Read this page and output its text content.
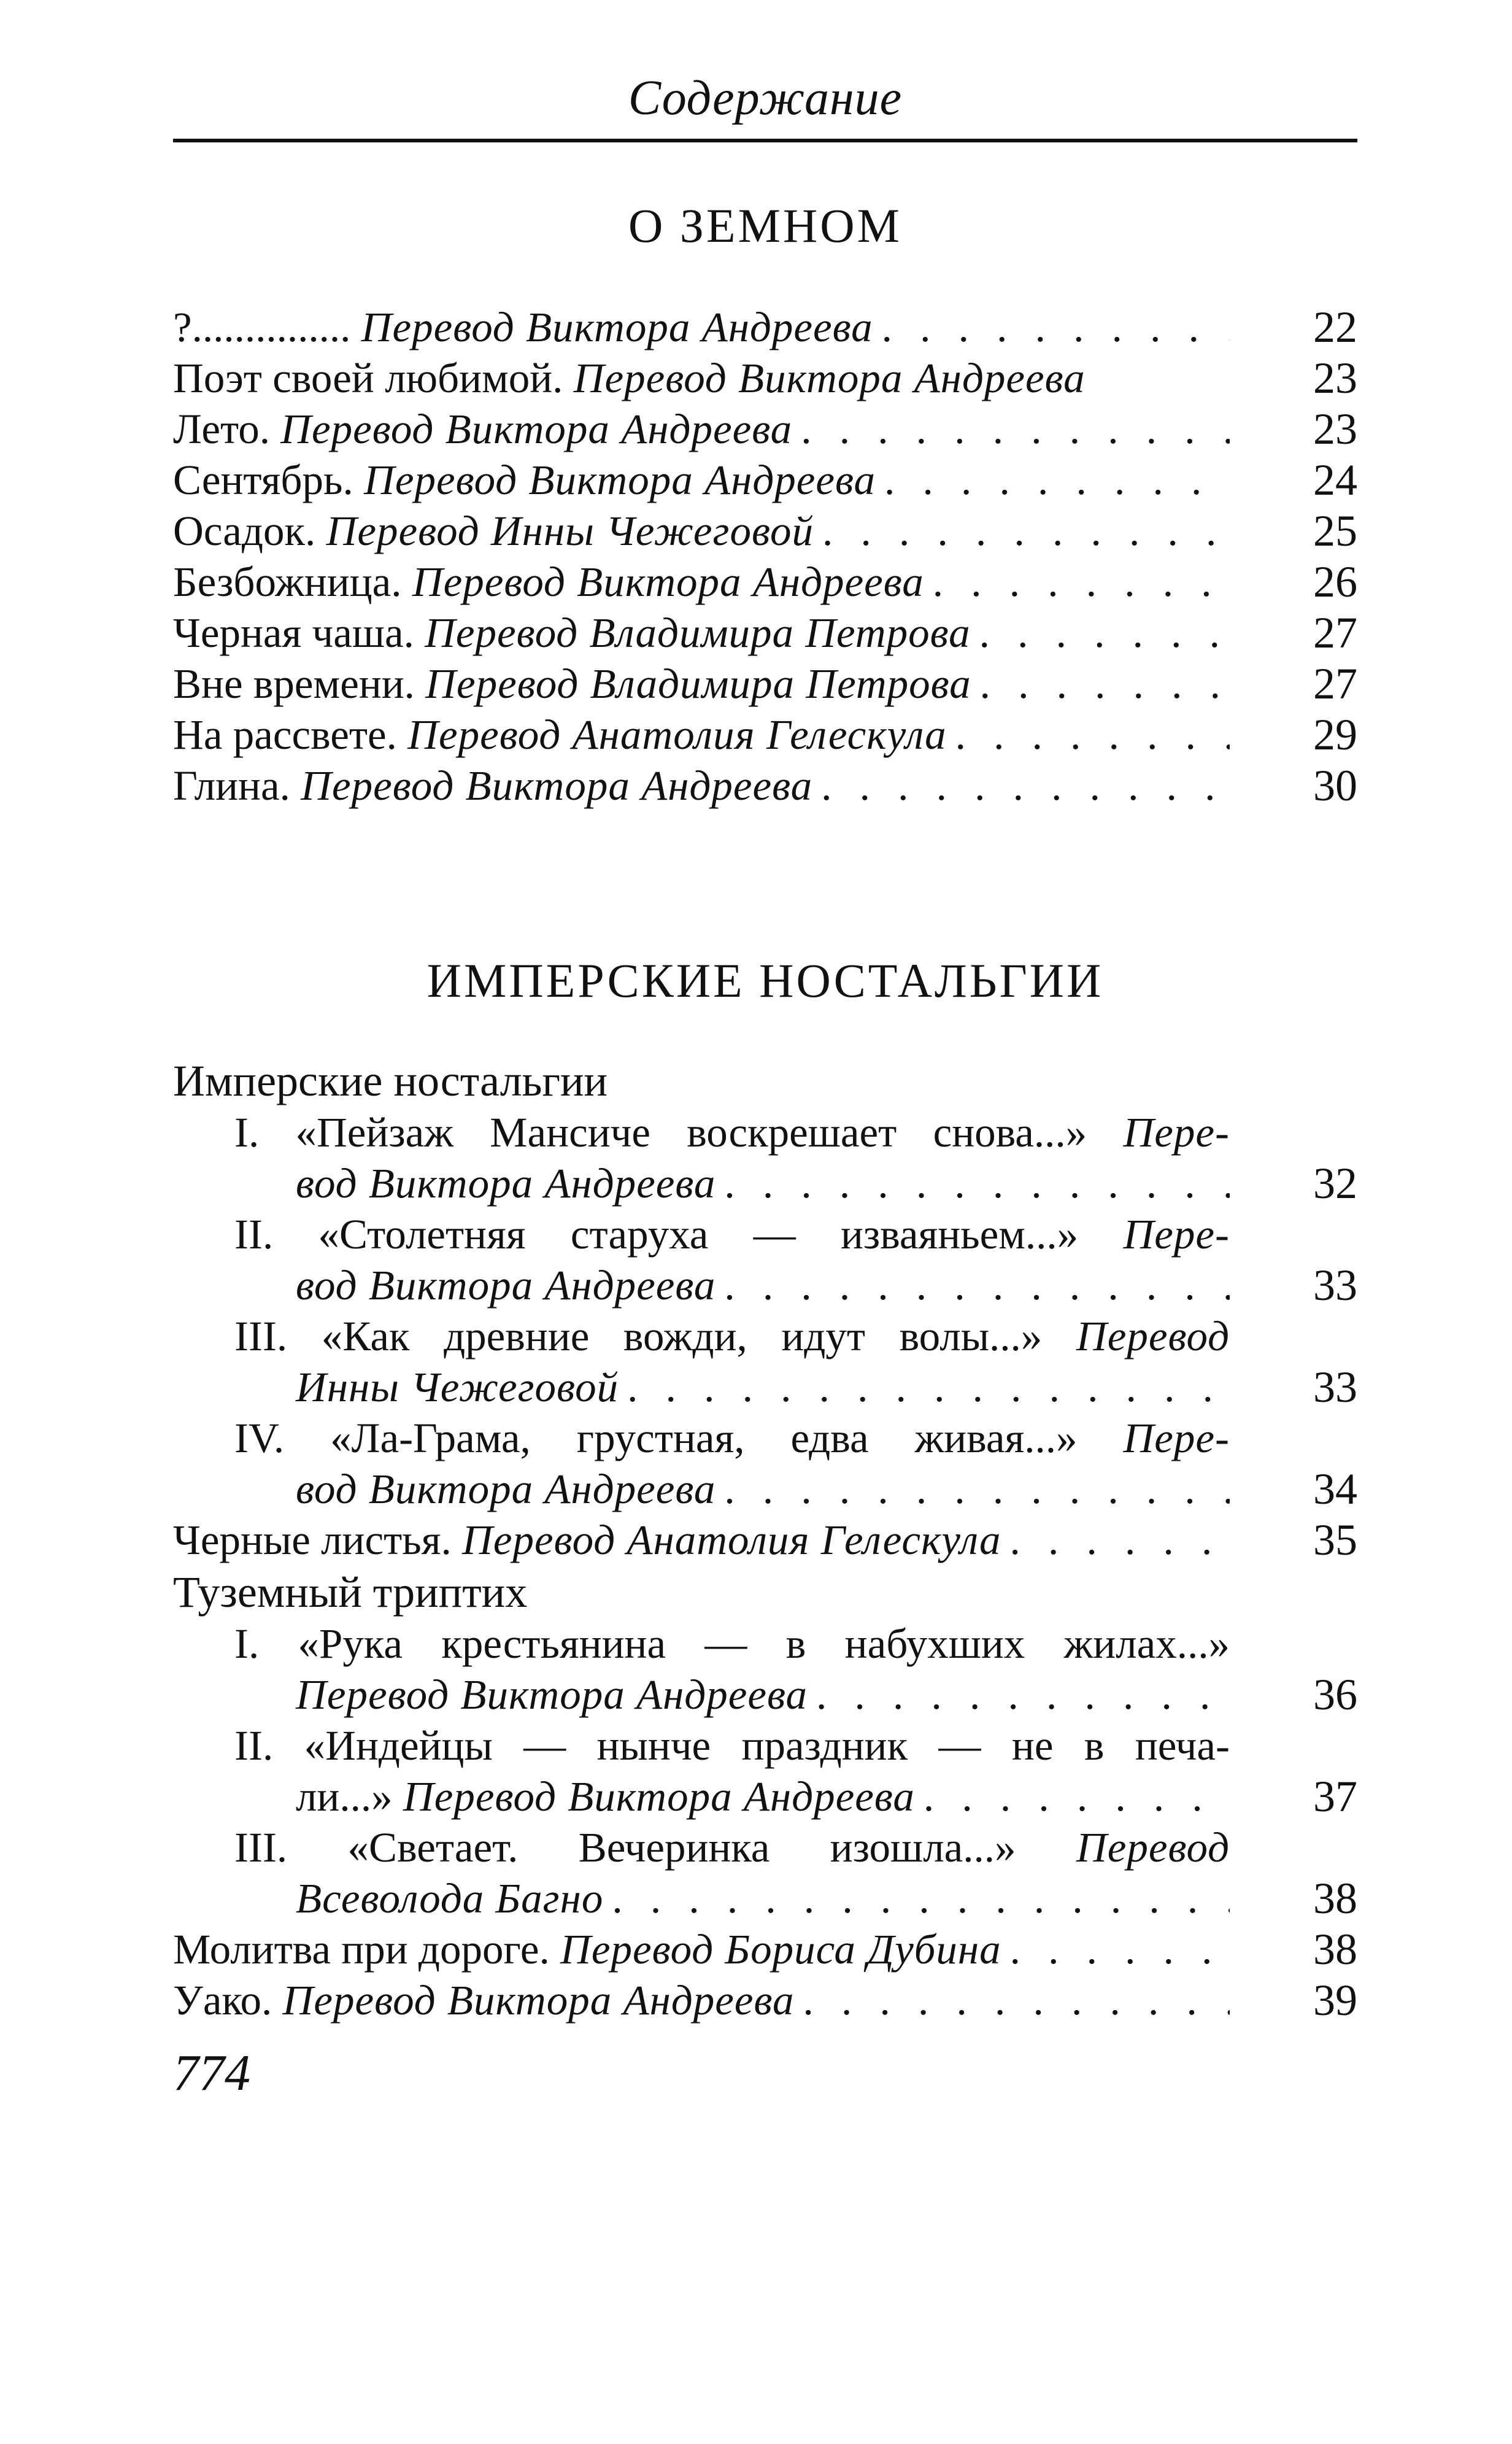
Содержание
О ЗЕМНОМ
?............... Перевод Виктора Андреева . . .	22
Поэт своей любимой. Перевод Виктора Андреева	23
Лето. Перевод Виктора Андреева . . .	23
Сентябрь. Перевод Виктора Андреева . . .	24
Осадок. Перевод Инны Чежеговой . . .	25
Безбожница. Перевод Виктора Андреева . . .	26
Черная чаша. Перевод Владимира Петрова . . .	27
Вне времени. Перевод Владимира Петрова . . .	27
На рассвете. Перевод Анатолия Гелескула . . .	29
Глина. Перевод Виктора Андреева . . .	30
ИМПЕРСКИЕ НОСТАЛЬГИИ
Имперские ностальгии
I. «Пейзаж Мансиче воскрешает снова...» Пере-
вод Виктора Андреева . . .	32
II. «Столетняя старуха — изваяньем...» Пере-
вод Виктора Андреева . . .	33
III. «Как древние вожди, идут волы...» Перевод
Инны Чежеговой . . .	33
IV. «Ла-Грама, грустная, едва живая...» Пере-
вод Виктора Андреева . . .	34
Черные листья. Перевод Анатолия Гелескула . . .	35
Туземный триптих
I. «Рука крестьянина — в набухших жилах...»
Перевод Виктора Андреева . . .	36
II. «Индейцы — нынче праздник — не в печа-
ли...» Перевод Виктора Андреева . . .	37
III. «Светает. Вечеринка изошла...» Перевод
Всеволода Багно . . .	38
Молитва при дороге. Перевод Бориса Дубина . . .	38
Уако. Перевод Виктора Андреева . . .	39
774
